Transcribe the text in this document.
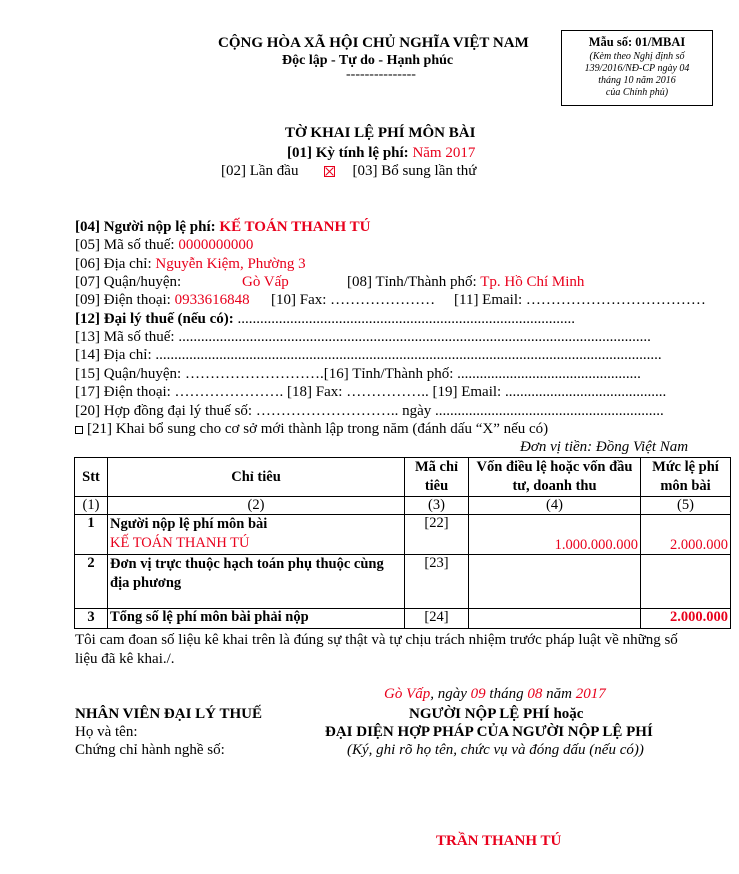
CỘNG HÒA XÃ HỘI CHỦ NGHĨA VIỆT NAM
Độc lập - Tự do - Hạnh phúc
---------------
Mẫu số: 01/MBAI
(Kèm theo Nghị định số
139/2016/NĐ-CP ngày 04
tháng 10 năm 2016
của Chính phủ)
TỜ KHAI LỆ PHÍ MÔN BÀI
[01] Kỳ tính lệ phí: Năm 2017
[02] Lần đầu	[03] Bổ sung lần thứ
[04] Người nộp lệ phí: KẾ TOÁN THANH TÚ
[05] Mã số thuế: 0000000000
[06] Địa chỉ: Nguyễn Kiệm, Phường 3
[07] Quận/huyện:	Gò Vấp	[08] Tỉnh/Thành phố: Tp. Hồ Chí Minh
[09] Điện thoại: 0933616848 [10] Fax: ………………… [11] Email: ………………………………
[12] Đại lý thuế (nếu có): ..........................................................................................
[13] Mã số thuế: ..............................................................................................................................
[14] Địa chỉ: .......................................................................................................................................
[15] Quận/huyện: ……………………….[16] Tỉnh/Thành phố: .................................................
[17] Điện thoại: …………………. [18] Fax: …………….. [19] Email: ...........................................
[20] Hợp đồng đại lý thuế số: ……………………….. ngày .............................................................
[21] Khai bổ sung cho cơ sở mới thành lập trong năm (đánh dấu “X” nếu có)
Đơn vị tiền: Đồng Việt Nam
Stt	Chỉ tiêu	Mã chỉ tiêu	Vốn điều lệ hoặc vốn đầu tư, doanh thu	Mức lệ phí môn bài
(1)	(2)	(3)	(4)	(5)
1	Người nộp lệ phí môn bài
KẾ TOÁN THANH TÚ	[22]	1.000.000.000	2.000.000
2	Đơn vị trực thuộc hạch toán phụ thuộc cùng địa phương	[23]		
3	Tổng số lệ phí môn bài phải nộp	[24]		2.000.000
Tôi cam đoan số liệu kê khai trên là đúng sự thật và tự chịu trách nhiệm trước pháp luật về những số liệu đã kê khai./.
Gò Vấp, ngày 09 tháng 08 năm 2017
NHÂN VIÊN ĐẠI LÝ THUẾ
Họ và tên:
Chứng chỉ hành nghề số:
NGƯỜI NỘP LỆ PHÍ hoặc
ĐẠI DIỆN HỢP PHÁP CỦA NGƯỜI NỘP LỆ PHÍ
(Ký, ghi rõ họ tên, chức vụ và đóng dấu (nếu có))
TRẦN THANH TÚ
